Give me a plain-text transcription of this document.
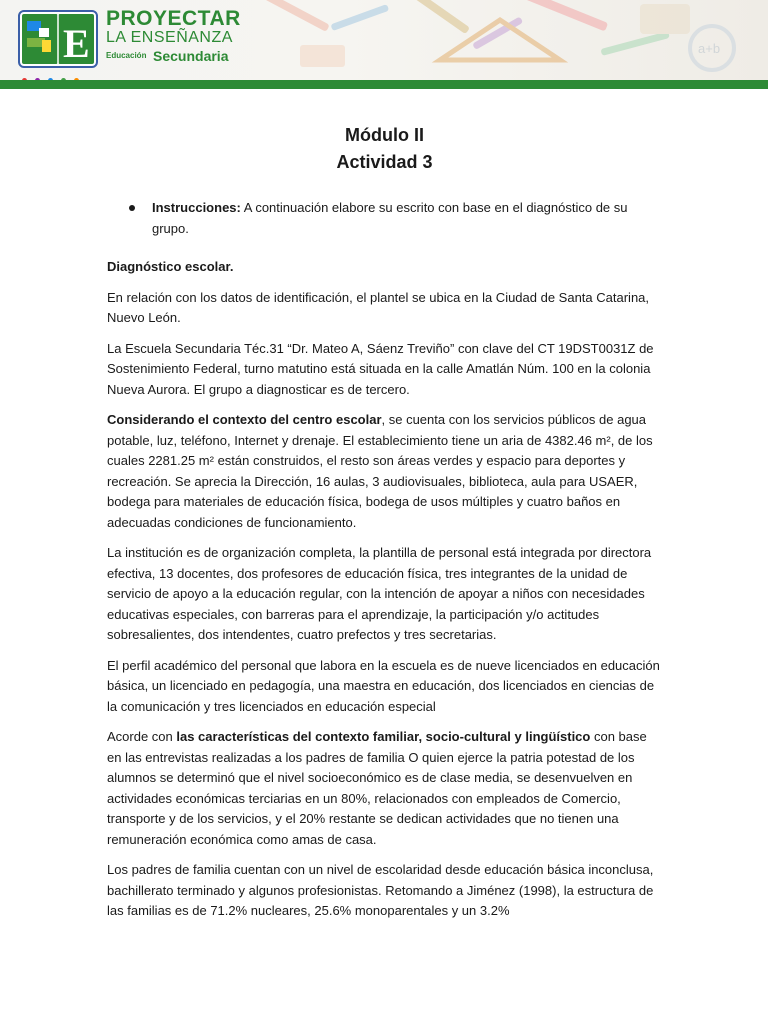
a+b
E
PROYECTAR
LA ENSEÑANZA
Educación Secundaria
Módulo II
Actividad 3
Instrucciones: A continuación elabore su escrito con base en el diagnóstico de su grupo.

Diagnóstico escolar.

En relación con los datos de identificación, el plantel se ubica en la Ciudad de Santa Catarina, Nuevo León.

La Escuela Secundaria Téc.31 “Dr. Mateo A, Sáenz Treviño” con clave del CT 19DST0031Z de Sostenimiento Federal, turno matutino está situada en la calle Amatlán Núm. 100 en la colonia Nueva Aurora. El grupo a diagnosticar es de tercero.

Considerando el contexto del centro escolar, se cuenta con los servicios públicos de agua potable, luz, teléfono, Internet y drenaje. El establecimiento tiene un aria de 4382.46 m², de los cuales 2281.25 m² están construidos, el resto son áreas verdes y espacio para deportes y recreación. Se aprecia la Dirección, 16 aulas, 3 audiovisuales, biblioteca, aula para USAER, bodega para materiales de educación física, bodega de usos múltiples y cuatro baños en adecuadas condiciones de funcionamiento.

La institución es de organización completa, la plantilla de personal está integrada por directora efectiva, 13 docentes, dos profesores de educación física, tres integrantes de la unidad de servicio de apoyo a la educación regular, con la intención de apoyar a niños con necesidades educativas especiales, con barreras para el aprendizaje, la participación y/o actitudes sobresalientes, dos intendentes, cuatro prefectos y tres secretarias.

El perfil académico del personal que labora en la escuela es de nueve licenciados en educación básica, un licenciado en pedagogía, una maestra en educación, dos licenciados en ciencias de la comunicación y tres licenciados en educación especial

Acorde con las características del contexto familiar, socio-cultural y lingüístico con base en las entrevistas realizadas a los padres de familia O quien ejerce la patria potestad de los alumnos se determinó que el nivel socioeconómico es de clase media, se desenvuelven en actividades económicas terciarias en un 80%, relacionados con empleados de Comercio, transporte y de los servicios, y el 20% restante se dedican actividades que no tienen una remuneración económica como amas de casa.

Los padres de familia cuentan con un nivel de escolaridad desde educación básica inconclusa, bachillerato terminado y algunos profesionistas. Retomando a Jiménez (1998), la estructura de las familias es de 71.2% nucleares, 25.6% monoparentales y un 3.2%
